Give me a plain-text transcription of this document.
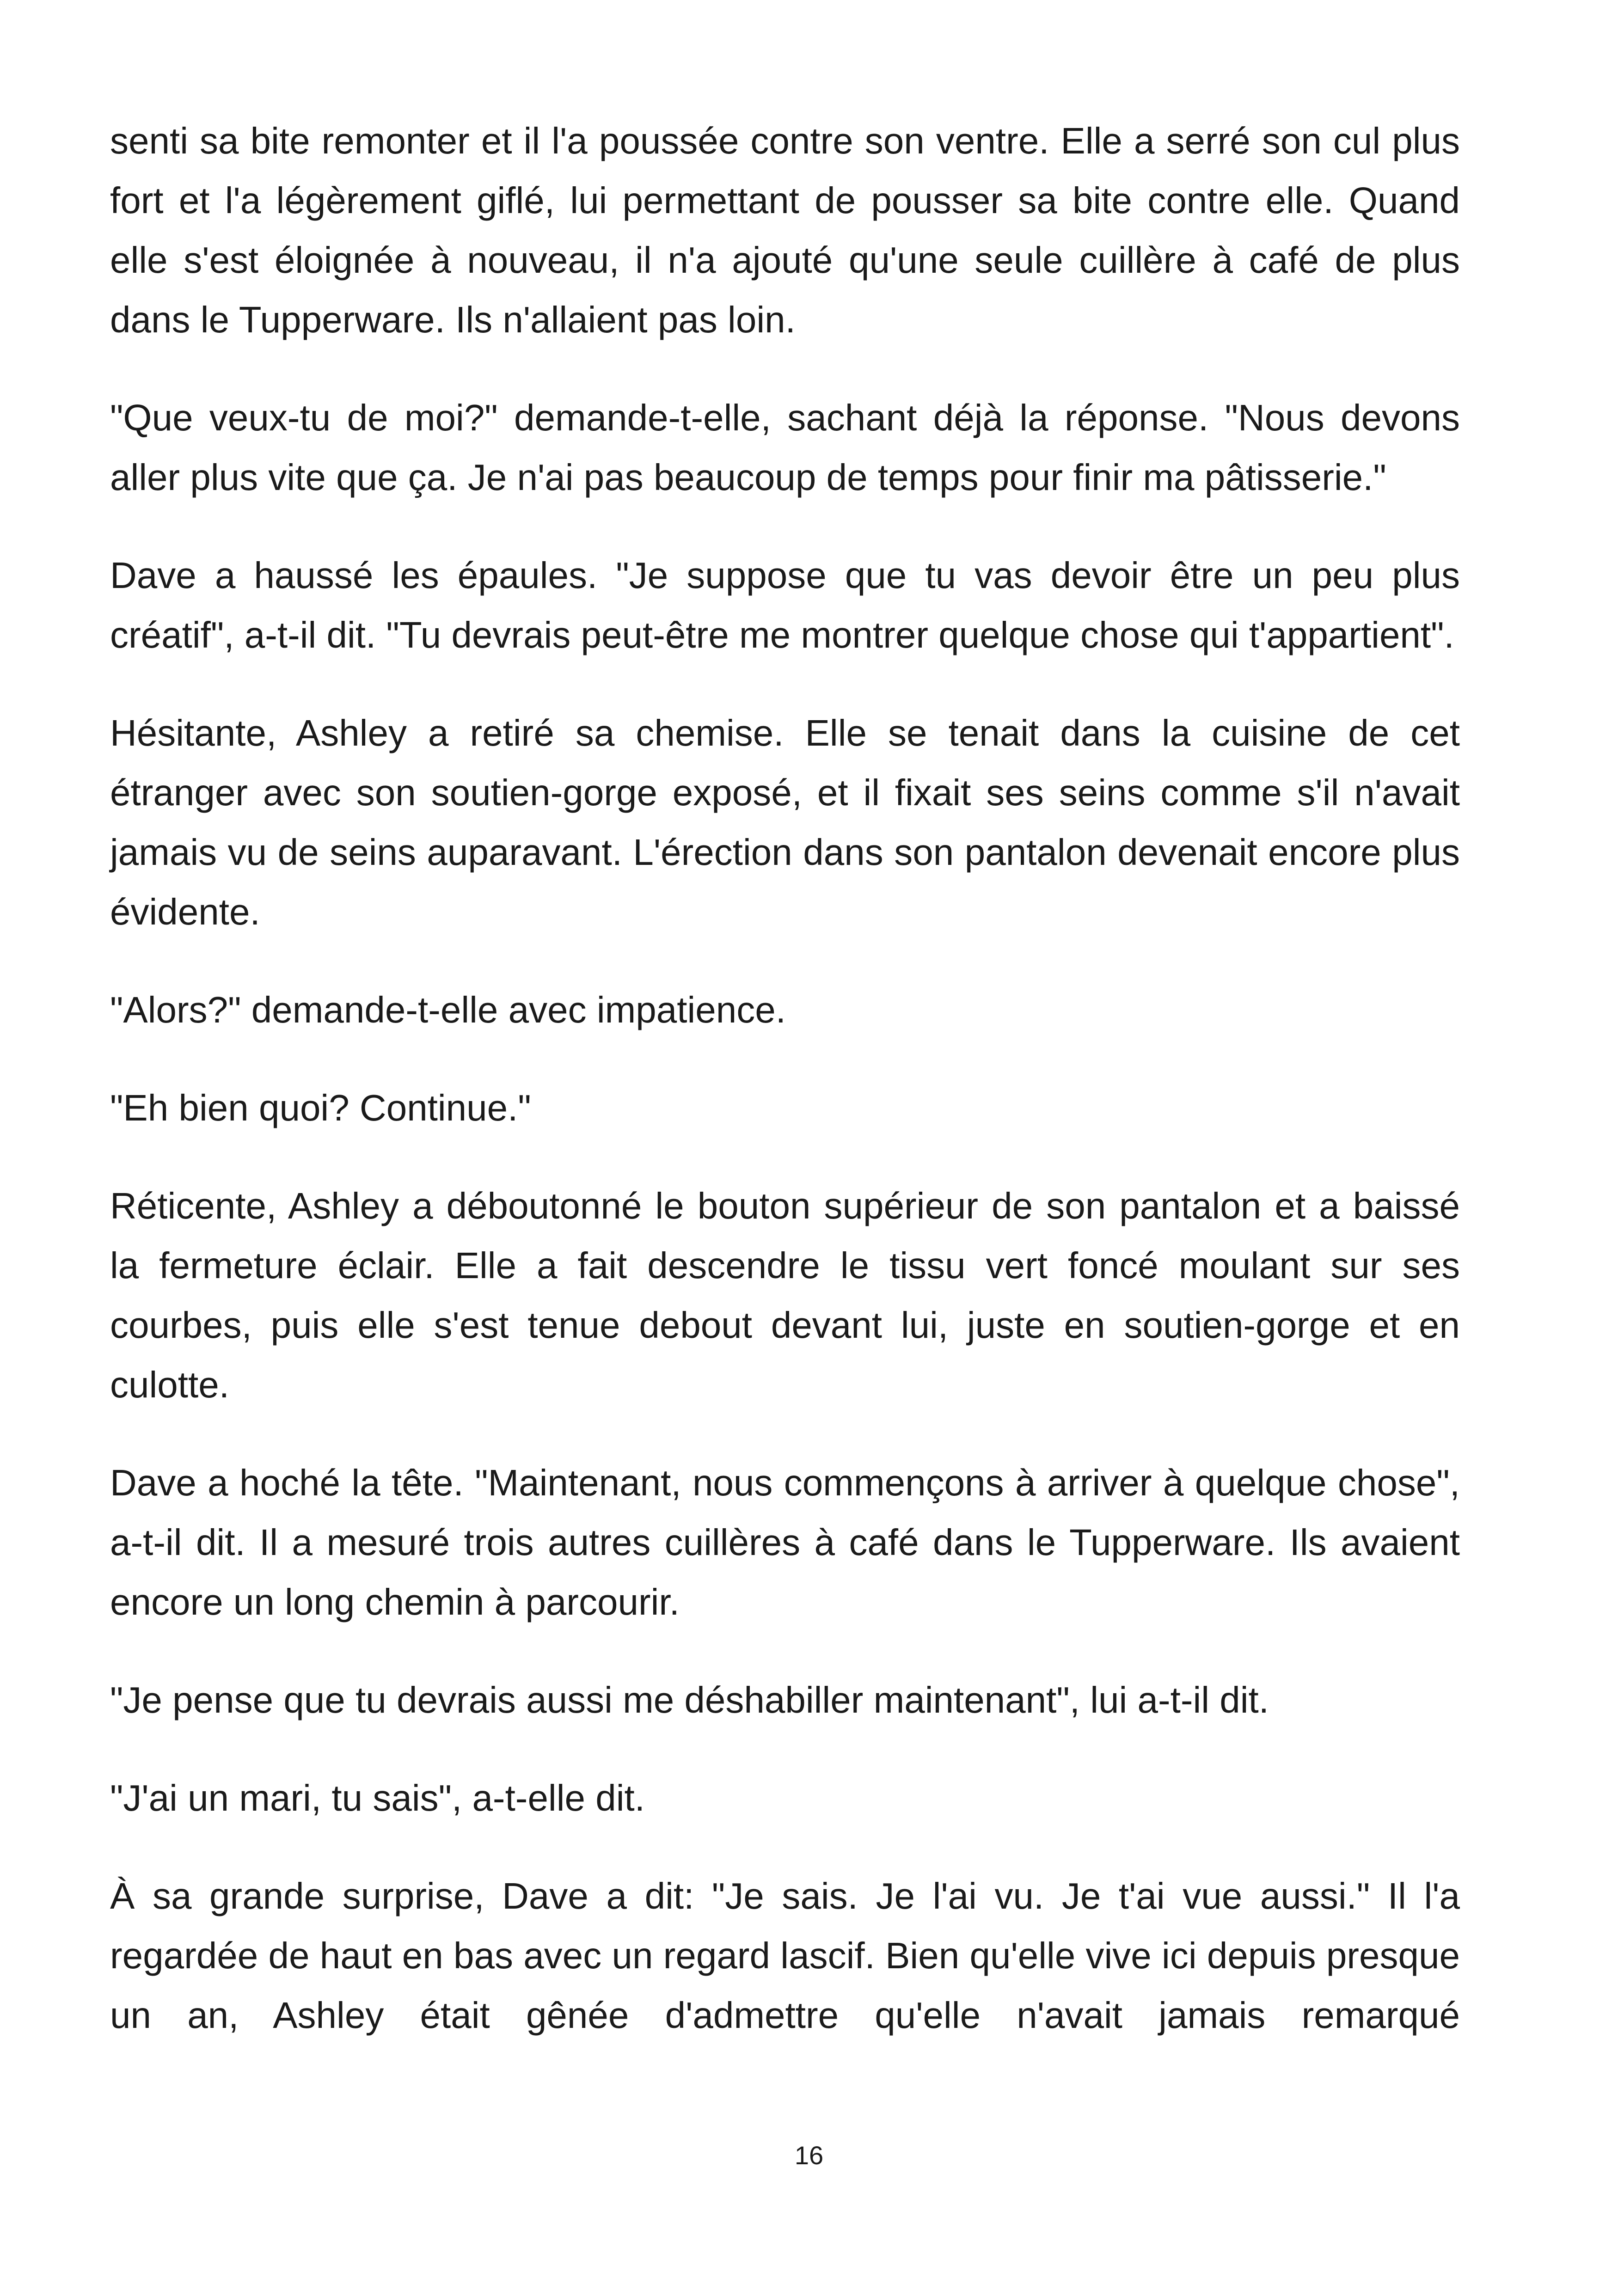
senti sa bite remonter et il l'a poussée contre son ventre. Elle a serré son cul plus fort et l'a légèrement giflé, lui permettant de pousser sa bite contre elle. Quand elle s'est éloignée à nouveau, il n'a ajouté qu'une seule cuillère à café de plus dans le Tupperware. Ils n'allaient pas loin.

"Que veux-tu de moi?" demande-t-elle, sachant déjà la réponse. "Nous devons aller plus vite que ça. Je n'ai pas beaucoup de temps pour finir ma pâtisserie."

Dave a haussé les épaules. "Je suppose que tu vas devoir être un peu plus créatif", a-t-il dit. "Tu devrais peut-être me montrer quelque chose qui t'appartient".

Hésitante, Ashley a retiré sa chemise. Elle se tenait dans la cuisine de cet étranger avec son soutien-gorge exposé, et il fixait ses seins comme s'il n'avait jamais vu de seins auparavant. L'érection dans son pantalon devenait encore plus évidente.

"Alors?" demande-t-elle avec impatience.

"Eh bien quoi? Continue."

Réticente, Ashley a déboutonné le bouton supérieur de son pantalon et a baissé la fermeture éclair. Elle a fait descendre le tissu vert foncé moulant sur ses courbes, puis elle s'est tenue debout devant lui, juste en soutien-gorge et en culotte.

Dave a hoché la tête. "Maintenant, nous commençons à arriver à quelque chose", a-t-il dit. Il a mesuré trois autres cuillères à café dans le Tupperware. Ils avaient encore un long chemin à parcourir.

"Je pense que tu devrais aussi me déshabiller maintenant", lui a-t-il dit.

"J'ai un mari, tu sais", a-t-elle dit.

À sa grande surprise, Dave a dit: "Je sais. Je l'ai vu. Je t'ai vue aussi." Il l'a regardée de haut en bas avec un regard lascif. Bien qu'elle vive ici depuis presque un an, Ashley était gênée d'admettre qu'elle n'avait jamais remarqué

16
